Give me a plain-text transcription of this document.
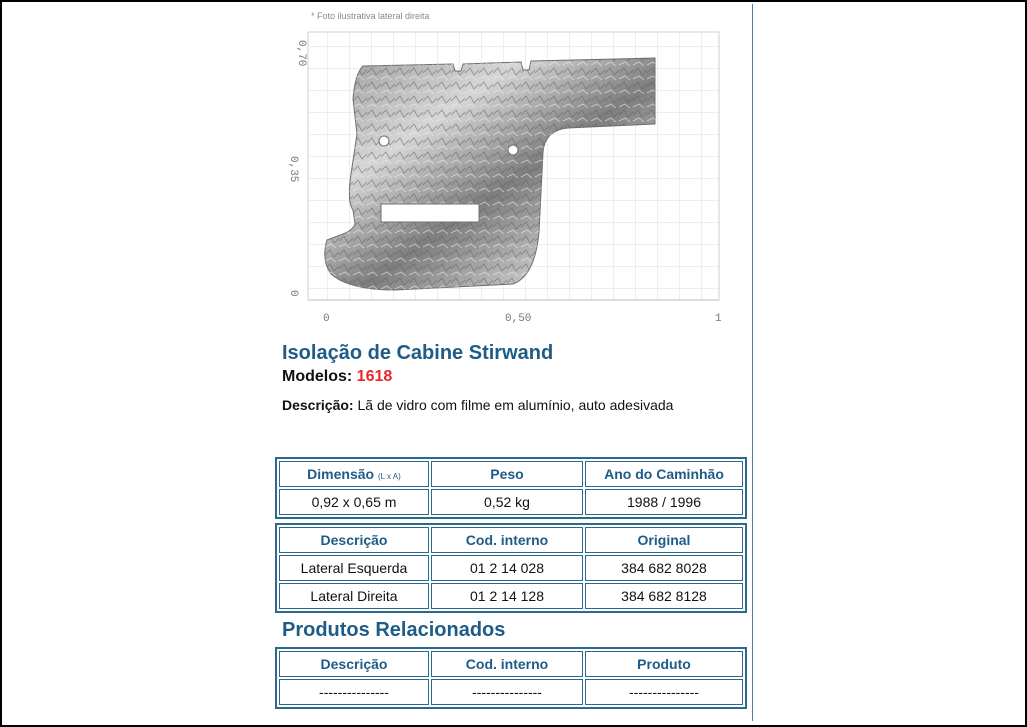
* Foto ilustrativa lateral direita
0,70
0,35
0
0	0,50	1
Isolação de Cabine Stirwand
Modelos: 1618
Descrição: Lã de vidro com filme em alumínio, auto adesivada
Dimensão (L x A)	Peso	Ano do Caminhão
0,92 x 0,65 m	0,52 kg	1988 / 1996
Descrição	Cod. interno	Original
Lateral Esquerda	01 2 14 028	384 682 8028
Lateral Direita	01 2 14 128	384 682 8128
Produtos Relacionados
Descrição	Cod. interno	Produto
---------------	---------------	---------------
